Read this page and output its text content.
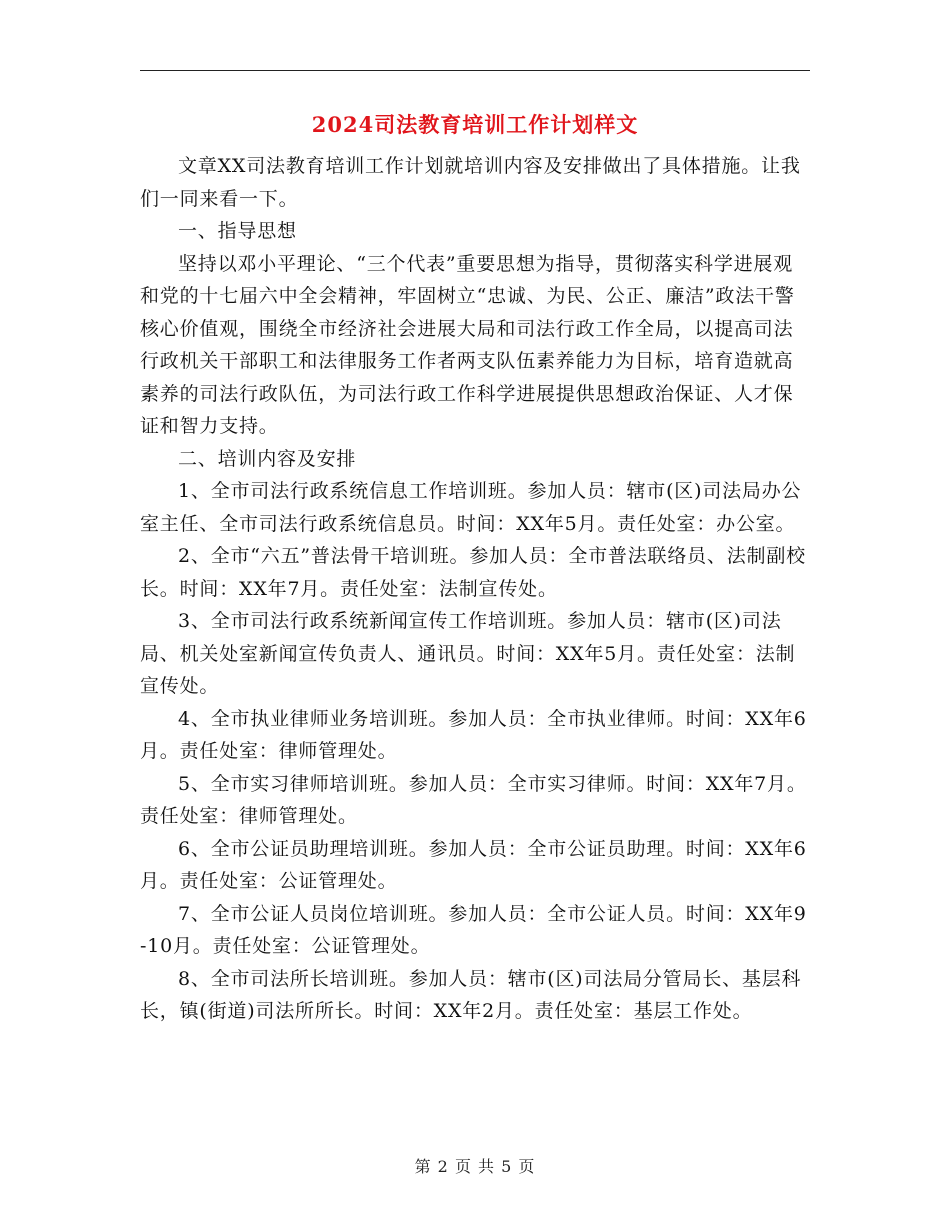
2024司法教育培训工作计划样文

文章XX司法教育培训工作计划就培训内容及安排做出了具体措施。让我们一同来看一下。

一、指导思想

坚持以邓小平理论、“三个代表”重要思想为指导，贯彻落实科学进展观和党的十七届六中全会精神，牢固树立“忠诚、为民、公正、廉洁”政法干警核心价值观，围绕全市经济社会进展大局和司法行政工作全局，以提高司法行政机关干部职工和法律服务工作者两支队伍素养能力为目标，培育造就高素养的司法行政队伍，为司法行政工作科学进展提供思想政治保证、人才保证和智力支持。

二、培训内容及安排

1、全市司法行政系统信息工作培训班。参加人员：辖市(区)司法局办公室主任、全市司法行政系统信息员。时间：XX年5月。责任处室：办公室。

2、全市“六五”普法骨干培训班。参加人员：全市普法联络员、法制副校长。时间：XX年7月。责任处室：法制宣传处。

3、全市司法行政系统新闻宣传工作培训班。参加人员：辖市(区)司法局、机关处室新闻宣传负责人、通讯员。时间：XX年5月。责任处室：法制宣传处。

4、全市执业律师业务培训班。参加人员：全市执业律师。时间：XX年6月。责任处室：律师管理处。

5、全市实习律师培训班。参加人员：全市实习律师。时间：XX年7月。责任处室：律师管理处。

6、全市公证员助理培训班。参加人员：全市公证员助理。时间：XX年6月。责任处室：公证管理处。

7、全市公证人员岗位培训班。参加人员：全市公证人员。时间：XX年9-10月。责任处室：公证管理处。

8、全市司法所长培训班。参加人员：辖市(区)司法局分管局长、基层科长，镇(街道)司法所所长。时间：XX年2月。责任处室：基层工作处。

第 2 页 共 5 页
